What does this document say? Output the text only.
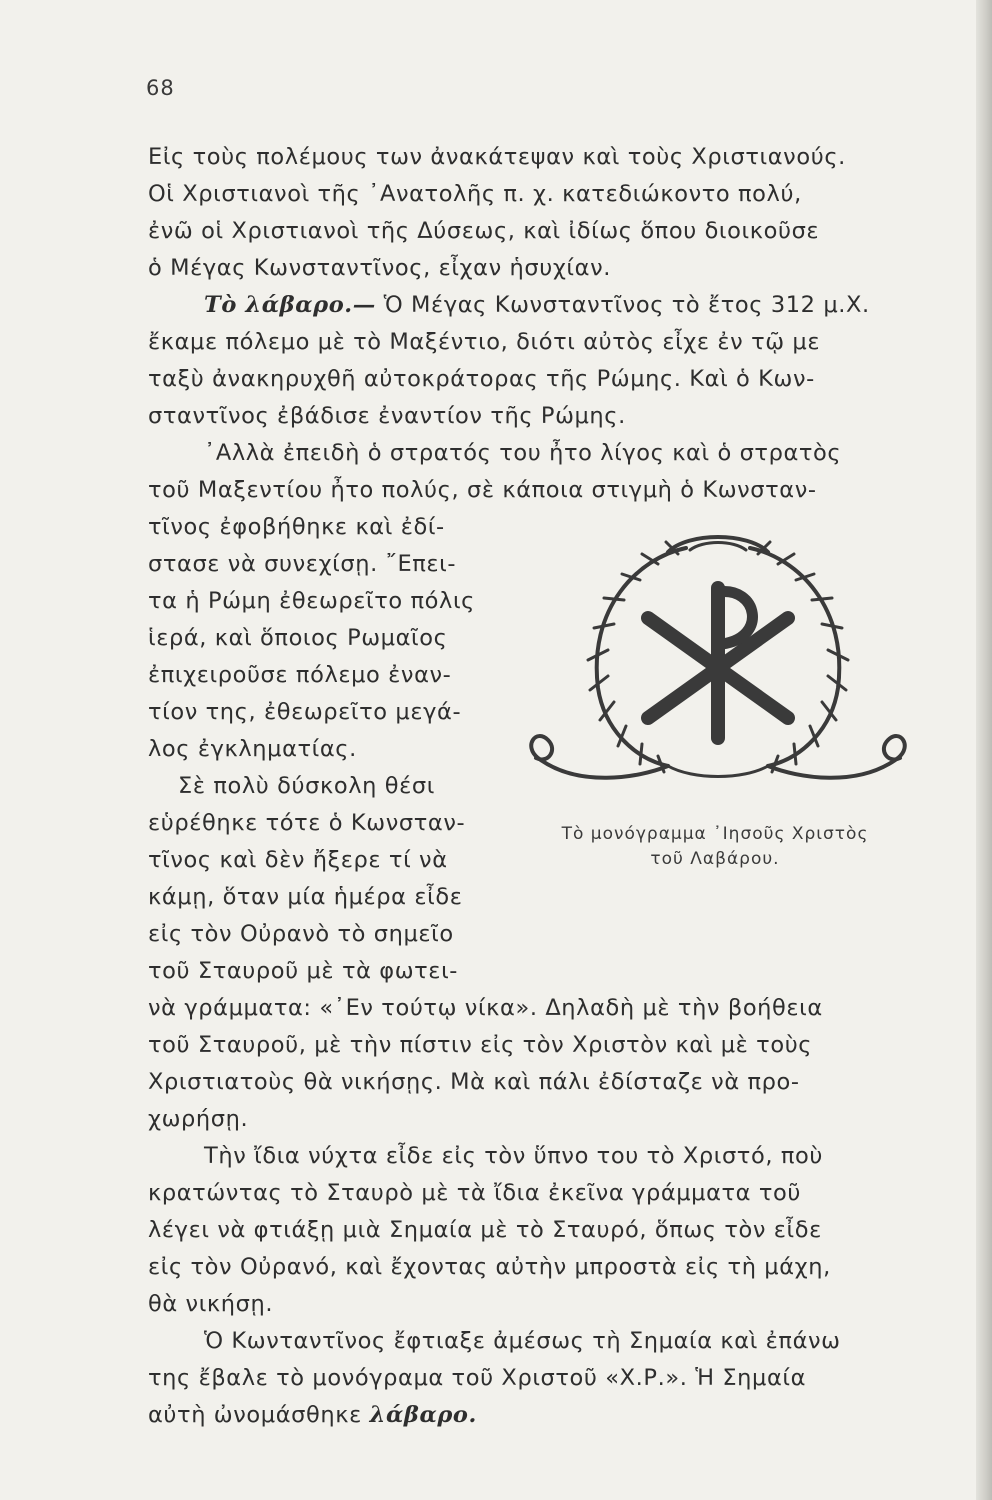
68
Εἰς τοὺς πολέμους των ἀνακάτεψαν καὶ τοὺς Χριστιανούς.
Οἱ Χριστιανοὶ τῆς ᾿Ανατολῆς π. χ. κατεδιώκοντο πολύ,
ἐνῶ οἱ Χριστιανοὶ τῆς Δύσεως, καὶ ἰδίως ὅπου διοικοῦσε
ὁ Μέγας Κωνσταντῖνος, εἶχαν ἡσυχίαν.
Τὸ λάβαρο.— Ὁ Μέγας Κωνσταντῖνος τὸ ἔτος 312 μ.Χ.
ἔκαμε πόλεμο μὲ τὸ Μαξέντιο, διότι αὐτὸς εἶχε ἐν τῷ με
ταξὺ ἀνακηρυχθῆ αὐτοκράτορας τῆς Ρώμης. Καὶ ὁ Κων-
σταντῖνος ἐβάδισε ἐναντίον τῆς Ρώμης.
᾿Αλλὰ ἐπειδὴ ὁ στρατός του ἦτο λίγος καὶ ὁ στρατὸς
τοῦ Μαξεντίου ἦτο πολύς, σὲ κάποια στιγμὴ ὁ Κωνσταν-
τῖνος ἐφοβήθηκε καὶ ἐδί-
στασε νὰ συνεχίσῃ. ῎Επει-
τα ἡ Ρώμη ἐθεωρεῖτο πόλις
ἱερά, καὶ ὅποιος Ρωμαῖος
ἐπιχειροῦσε πόλεμο ἐναν-
τίον της, ἐθεωρεῖτο μεγά-
λος ἐγκληματίας.
Σὲ πολὺ δύσκολη θέσι
εὑρέθηκε τότε ὁ Κωνσταν-
τῖνος καὶ δὲν ἤξερε τί νὰ
κάμῃ, ὅταν μία ἡμέρα εἶδε
εἰς τὸν Οὐρανὸ τὸ σημεῖο
τοῦ Σταυροῦ μὲ τὰ φωτει-
νὰ γράμματα: «᾿Εν τούτῳ νίκα». Δηλαδὴ μὲ τὴν βοήθεια
τοῦ Σταυροῦ, μὲ τὴν πίστιν εἰς τὸν Χριστὸν καὶ μὲ τοὺς
Χριστιατοὺς θὰ νικήσῃς. Μὰ καὶ πάλι ἐδίσταζε νὰ προ-
χωρήσῃ.
Τὴν ἴδια νύχτα εἶδε εἰς τὸν ὕπνο του τὸ Χριστό, ποὺ
κρατώντας τὸ Σταυρὸ μὲ τὰ ἴδια ἐκεῖνα γράμματα τοῦ
λέγει νὰ φτιάξῃ μιὰ Σημαία μὲ τὸ Σταυρό, ὅπως τὸν εἶδε
εἰς τὸν Οὐρανό, καὶ ἔχοντας αὐτὴν μπροστὰ εἰς τὴ μάχη,
θὰ νικήσῃ.
Ὁ Κωνταντῖνος ἔφτιαξε ἀμέσως τὴ Σημαία καὶ ἐπάνω
της ἔβαλε τὸ μονόγραμα τοῦ Χριστοῦ «Χ.Ρ.». Ἡ Σημαία
αὐτὴ ὠνομάσθηκε λάβαρο.
Τὸ μονόγραμμα ᾿Ιησοῦς Χριστὸς
τοῦ Λαβάρου.
